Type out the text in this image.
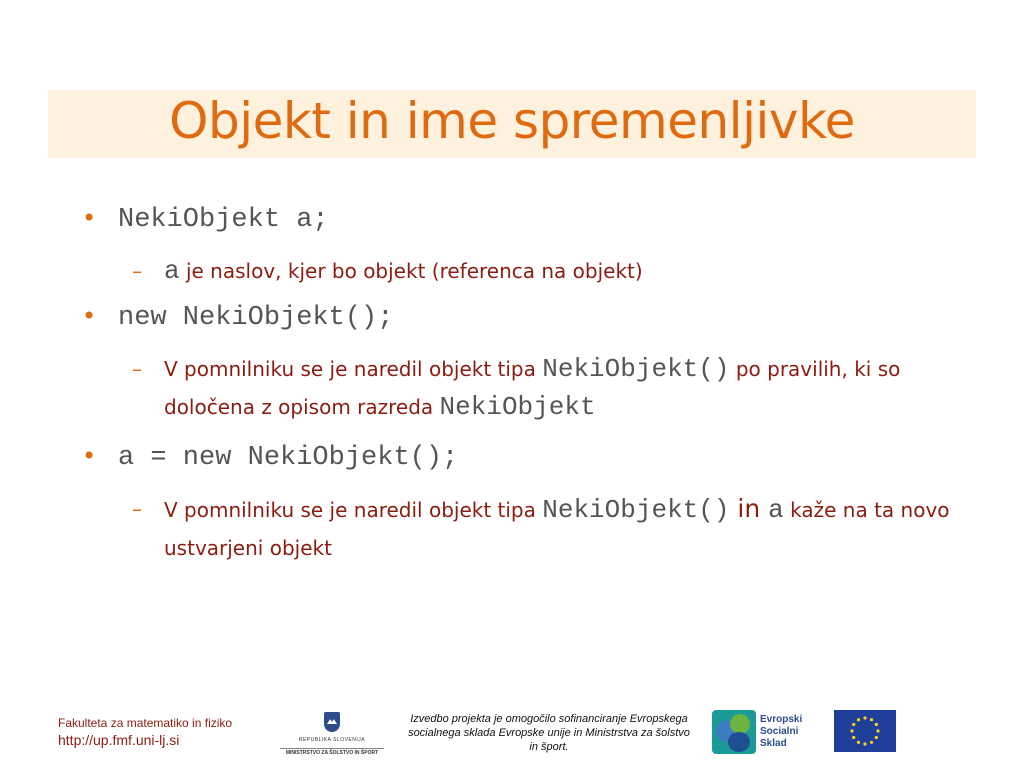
Objekt in ime spremenljivke
• NekiObjekt a;
– a je naslov, kjer bo objekt (referenca na objekt)
• new NekiObjekt();
– V pomnilniku se je naredil objekt tipa NekiObjekt() po pravilih, ki so določena z opisom razreda NekiObjekt
• a = new NekiObjekt();
– V pomnilniku se je naredil objekt tipa NekiObjekt() in a kaže na ta novo ustvarjeni objekt
Fakulteta za matematiko in fiziko
http://up.fmf.uni-lj.si	REPUBLIKA SLOVENIJA
MINISTRSTVO ZA ŠOLSTVO IN ŠPORT
Izvedbo projekta je omogočilo sofinanciranje Evropskega socialnega sklada Evropske unije in Ministrstva za šolstvo in šport.
Evropski
Socialni
Sklad
